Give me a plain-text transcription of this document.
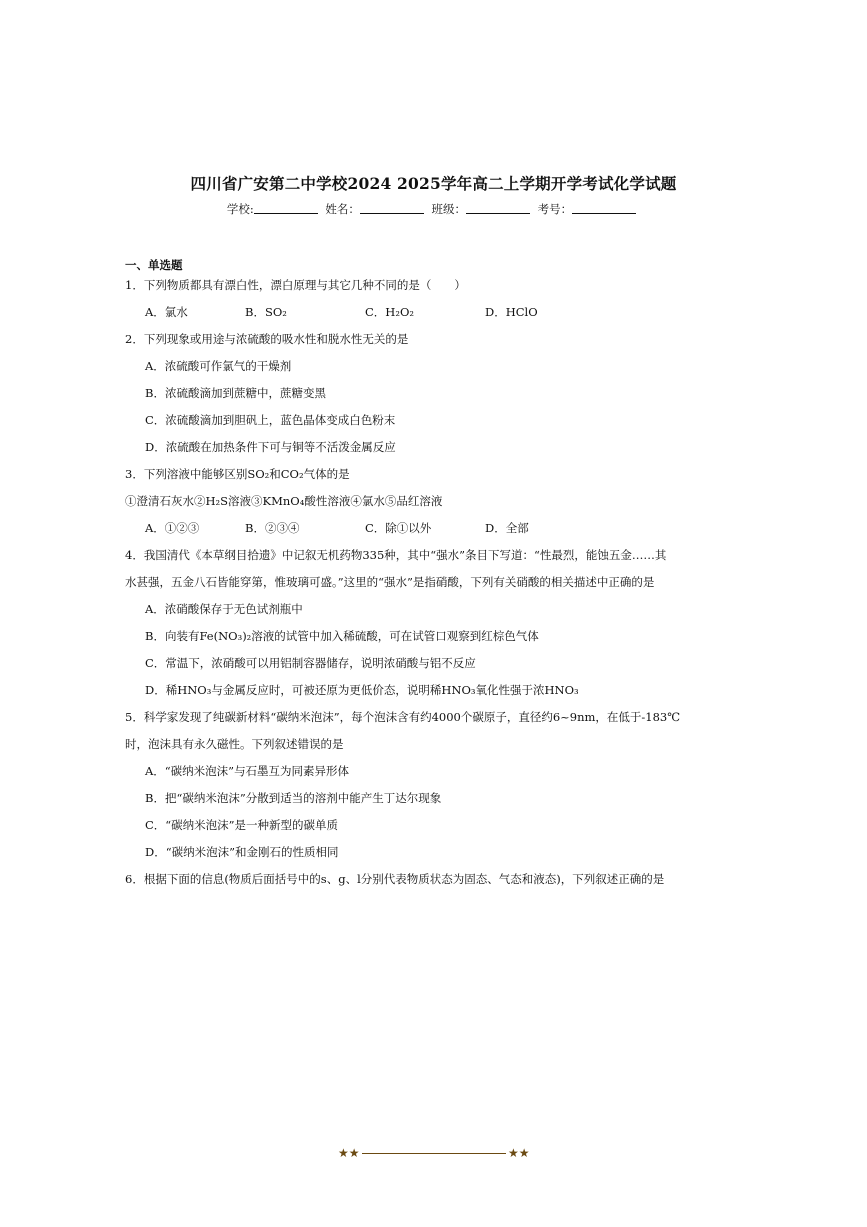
四川省广安第二中学校2024 2025学年高二上学期开学考试化学试题
学校:	姓名：	班级：	考号：
一、单选题
1．下列物质都具有漂白性，漂白原理与其它几种不同的是（　　）
A．氯水	B．SO₂	C．H₂O₂	D．HClO
2．下列现象或用途与浓硫酸的吸水性和脱水性无关的是
A．浓硫酸可作氯气的干燥剂
B．浓硫酸滴加到蔗糖中，蔗糖变黑
C．浓硫酸滴加到胆矾上，蓝色晶体变成白色粉末
D．浓硫酸在加热条件下可与铜等不活泼金属反应
3．下列溶液中能够区别SO₂和CO₂气体的是
①澄清石灰水②H₂S溶液③KMnO₄酸性溶液④氯水⑤品红溶液
A．①②③	B．②③④	C．除①以外	D．全部
4．我国清代《本草纲目拾遗》中记叙无机药物335种，其中“强水”条目下写道：“性最烈，能蚀五金……其
水甚强，五金八石皆能穿第，惟玻璃可盛。”这里的“强水”是指硝酸，下列有关硝酸的相关描述中正确的是
A．浓硝酸保存于无色试剂瓶中
B．向装有Fe(NO₃)₂溶液的试管中加入稀硫酸，可在试管口观察到红棕色气体
C．常温下，浓硝酸可以用铝制容器储存，说明浓硝酸与铝不反应
D．稀HNO₃与金属反应时，可被还原为更低价态，说明稀HNO₃氧化性强于浓HNO₃
5．科学家发现了纯碳新材料“碳纳米泡沫”，每个泡沫含有约4000个碳原子，直径约6~9nm，在低于-183℃
时，泡沫具有永久磁性。下列叙述错误的是
A．“碳纳米泡沫”与石墨互为同素异形体
B．把“碳纳米泡沫”分散到适当的溶剂中能产生丁达尔现象
C．“碳纳米泡沫”是一种新型的碳单质
D．“碳纳米泡沫”和金刚石的性质相同
6．根据下面的信息(物质后面括号中的s、g、l分别代表物质状态为固态、气态和液态)，下列叙述正确的是
★★	★★
